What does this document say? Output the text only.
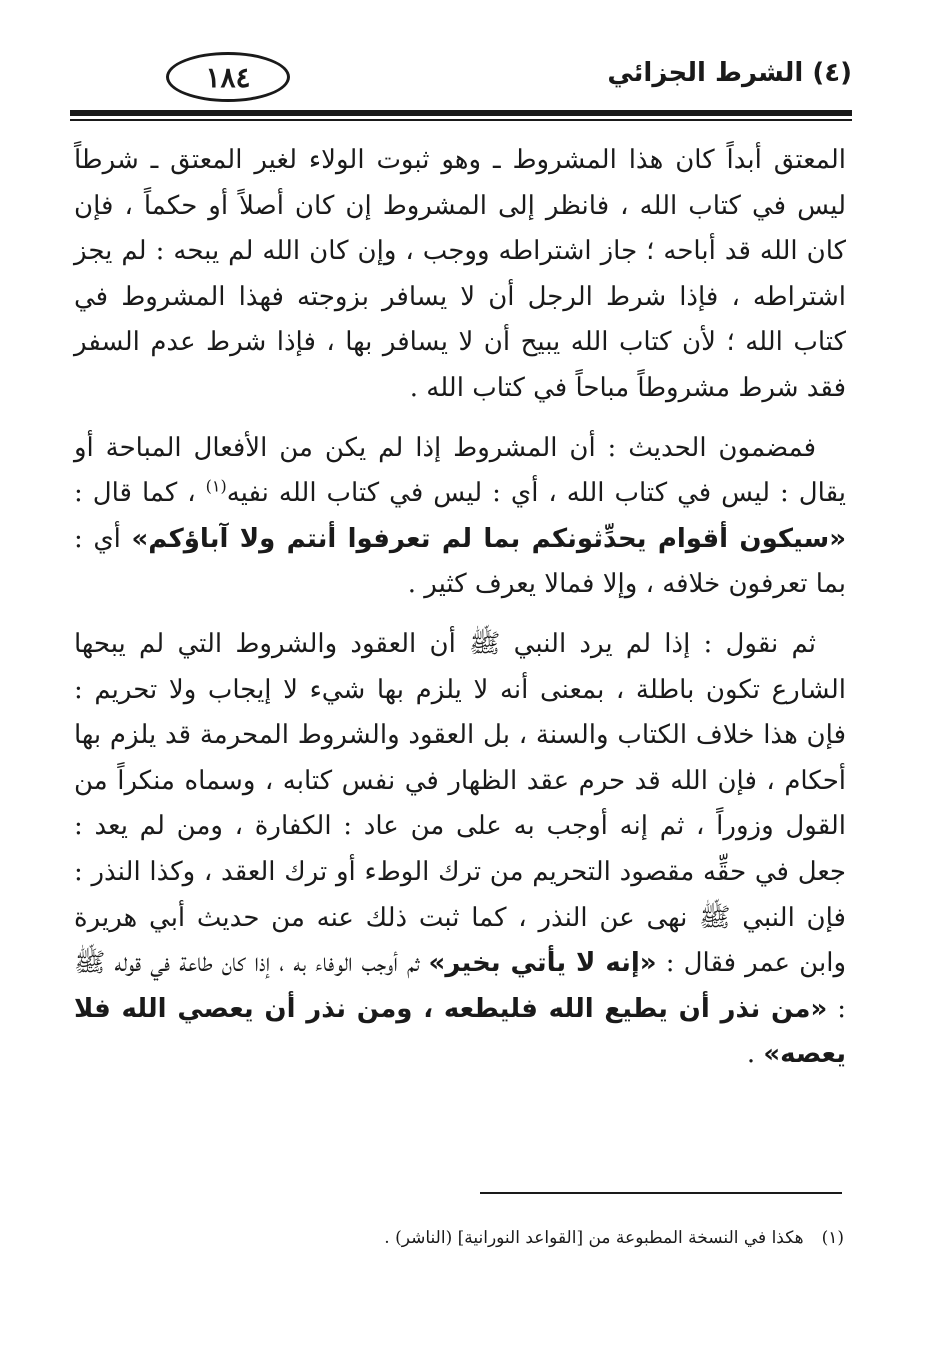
١٨٤	(٤) الشرط الجزائي

المعتق أبداً كان هذا المشروط ـ وهو ثبوت الولاء لغير المعتق ـ شرطاً ليس في كتاب الله ، فانظر إلى المشروط إن كان أصلاً أو حكماً ، فإن كان الله قد أباحه ؛ جاز اشتراطه ووجب ، وإن كان الله لم يبحه : لم يجز اشتراطه ، فإذا شرط الرجل أن لا يسافر بزوجته فهذا المشروط في كتاب الله ؛ لأن كتاب الله يبيح أن لا يسافر بها ، فإذا شرط عدم السفر فقد شرط مشروطاً مباحاً في كتاب الله .

فمضمون الحديث : أن المشروط إذا لم يكن من الأفعال المباحة أو يقال : ليس في كتاب الله ، أي : ليس في كتاب الله نفيه$^{(١)}$ ، كما قال : «سيكون أقوام يحدِّثونكم بما لم تعرفوا أنتم ولا آباؤكم» أي : بما تعرفون خلافه ، وإلا فمالا يعرف كثير .

ثم نقول : إذا لم يرد النبي ﷺ أن العقود والشروط التي لم يبحها الشارع تكون باطلة ، بمعنى أنه لا يلزم بها شيء لا إيجاب ولا تحريم : فإن هذا خلاف الكتاب والسنة ، بل العقود والشروط المحرمة قد يلزم بها أحكام ، فإن الله قد حرم عقد الظهار في نفس كتابه ، وسماه منكراً من القول وزوراً ، ثم إنه أوجب به على من عاد : الكفارة ، ومن لم يعد : جعل في حقِّه مقصود التحريم من ترك الوطء أو ترك العقد ، وكذا النذر : فإن النبي ﷺ نهى عن النذر ، كما ثبت ذلك عنه من حديث أبي هريرة وابن عمر فقال : «إنه لا يأتي بخير» ثم أوجب الوفاء به ، إذا كان طاعة في قوله ﷺ : «من نذر أن يطيع الله فليطعه ، ومن نذر أن يعصي الله فلا يعصه» .

(١)هكذا في النسخة المطبوعة من [القواعد النورانية] (الناشر) .
